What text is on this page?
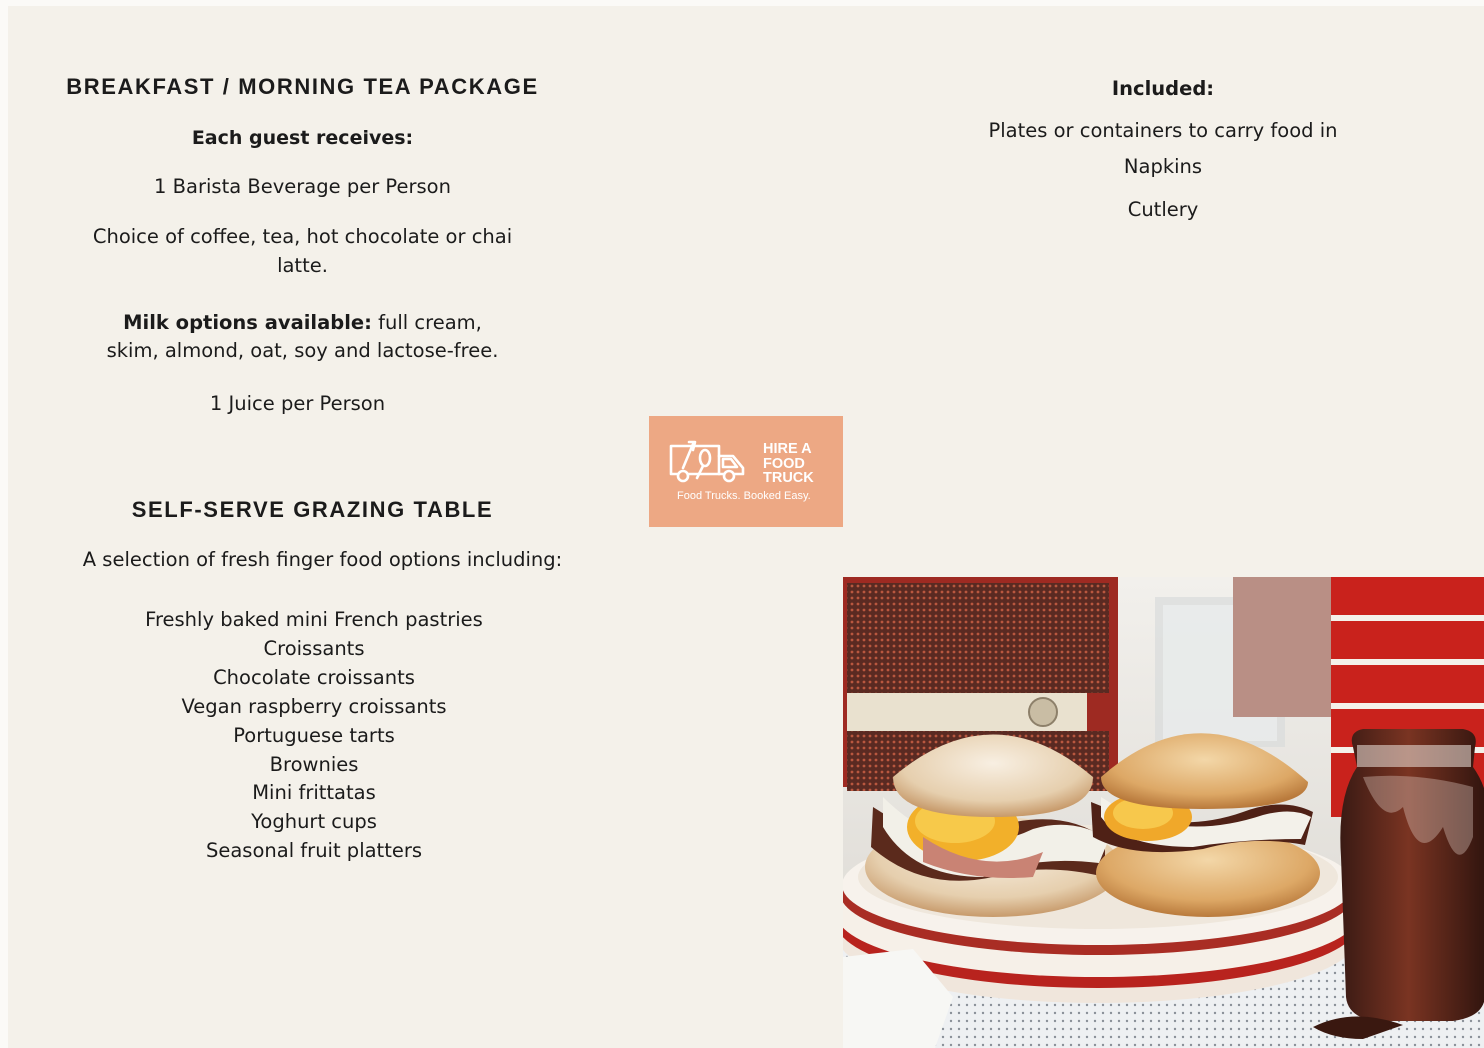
BREAKFAST / MORNING TEA PACKAGE
Each guest receives:
1 Barista Beverage per Person
Choice of coffee, tea, hot chocolate or chai latte.
Milk options available: full cream, skim, almond, oat, soy and lactose-free.
1 Juice per Person
SELF-SERVE GRAZING TABLE
A selection of fresh finger food options including:
Freshly baked mini French pastries
Croissants
Chocolate croissants
Vegan raspberry croissants
Portuguese tarts
Brownies
Mini frittatas
Yoghurt cups
Seasonal fruit platters
Included:
Plates or containers to carry food in
Napkins
Cutlery
HIRE A
FOOD
TRUCK
Food Trucks. Booked Easy.
